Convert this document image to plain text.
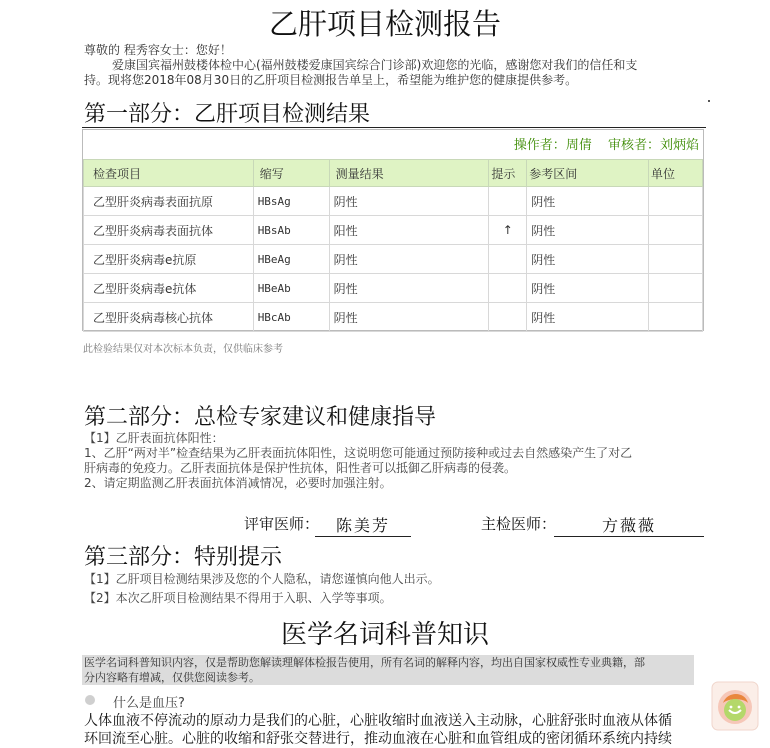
乙肝项目检测报告
尊敬的 程秀容女士：您好！
爱康国宾福州鼓楼体检中心(福州鼓楼爱康国宾综合门诊部)欢迎您的光临，感谢您对我们的信任和支
持。现将您2018年08月30日的乙肝项目检测报告单呈上，希望能为维护您的健康提供参考。
第一部分：乙肝项目检测结果
操作者：周倩 审核者：刘炳焰
检查项目	缩写	测量结果	提示	参考区间	单位
乙型肝炎病毒表面抗原	HBsAg	阴性		阴性	
乙型肝炎病毒表面抗体	HBsAb	阳性	↑	阴性	
乙型肝炎病毒e抗原	HBeAg	阴性		阴性	
乙型肝炎病毒e抗体	HBeAb	阴性		阴性	
乙型肝炎病毒核心抗体	HBcAb	阴性		阴性	
此检验结果仅对本次标本负责，仅供临床参考
第二部分：总检专家建议和健康指导
【1】乙肝表面抗体阳性：
1、乙肝“两对半”检查结果为乙肝表面抗体阳性，这说明您可能通过预防接种或过去自然感染产生了对乙
肝病毒的免疫力。乙肝表面抗体是保护性抗体，阳性者可以抵御乙肝病毒的侵袭。
2、请定期监测乙肝表面抗体消减情况，必要时加强注射。
评审医师：	陈美芳	主检医师：	方薇薇
第三部分：特别提示
【1】乙肝项目检测结果涉及您的个人隐私，请您谨慎向他人出示。
【2】本次乙肝项目检测结果不得用于入职、入学等事项。
医学名词科普知识
医学名词科普知识内容，仅是帮助您解读理解体检报告使用，所有名词的解释内容，均出自国家权威性专业典籍，部
分内容略有增减，仅供您阅读参考。
什么是血压?
人体血液不停流动的原动力是我们的心脏，心脏收缩时血液送入主动脉，心脏舒张时血液从体循
环回流至心脏。心脏的收缩和舒张交替进行，推动血液在心脏和血管组成的密闭循环系统内持续
